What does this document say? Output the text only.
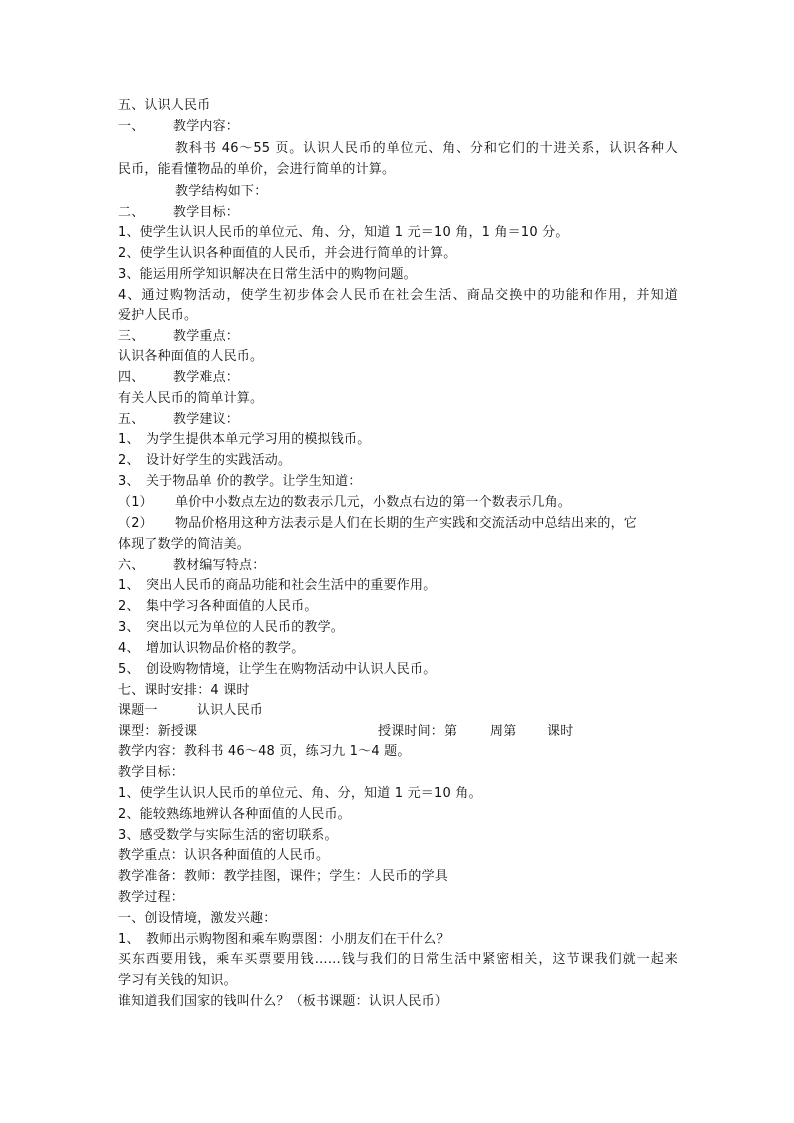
五、认识人民币
一、 教学内容：
教科书 46～55 页。认识人民币的单位元、角、分和它们的十进关系，认识各种人
民币，能看懂物品的单价，会进行简单的计算。
教学结构如下：
二、 教学目标：
1、使学生认识人民币的单位元、角、分，知道 1 元＝10 角，1 角＝10 分。
2、使学生认识各种面值的人民币，并会进行简单的计算。
3、能运用所学知识解决在日常生活中的购物问题。
4、通过购物活动，使学生初步体会人民币在社会生活、商品交换中的功能和作用，并知道
爱护人民币。
三、 教学重点：
认识各种面值的人民币。
四、 教学难点：
有关人民币的简单计算。
五、 教学建议：
1、 为学生提供本单元学习用的模拟钱币。
2、 设计好学生的实践活动。
3、 关于物品单 价的教学。让学生知道：
（1） 单价中小数点左边的数表示几元，小数点右边的第一个数表示几角。
（2） 物品价格用这种方法表示是人们在长期的生产实践和交流活动中总结出来的，它
体现了数学的简洁美。
六、 教材编写特点：
1、 突出人民币的商品功能和社会生活中的重要作用。
2、 集中学习各种面值的人民币。
3、 突出以元为单位的人民币的教学。
4、 增加认识物品价格的教学。
5、 创设购物情境，让学生在购物活动中认识人民币。
七、课时安排：4 课时
课题一	认识人民币
课型：新授课	授课时间：第	周第 课时
教学内容：教科书 46～48 页，练习九 1～4 题。
教学目标：
1、使学生认识人民币的单位元、角、分，知道 1 元＝10 角。
2、能较熟练地辨认各种面值的人民币。
3、感受数学与实际生活的密切联系。
教学重点：认识各种面值的人民币。
教学准备：教师：教学挂图，课件；学生：人民币的学具
教学过程：
一、创设情境，激发兴趣：
1、 教师出示购物图和乘车购票图：小朋友们在干什么？
买东西要用钱，乘车买票要用钱……钱与我们的日常生活中紧密相关，这节课我们就一起来
学习有关钱的知识。
谁知道我们国家的钱叫什么？（板书课题：认识人民币）
